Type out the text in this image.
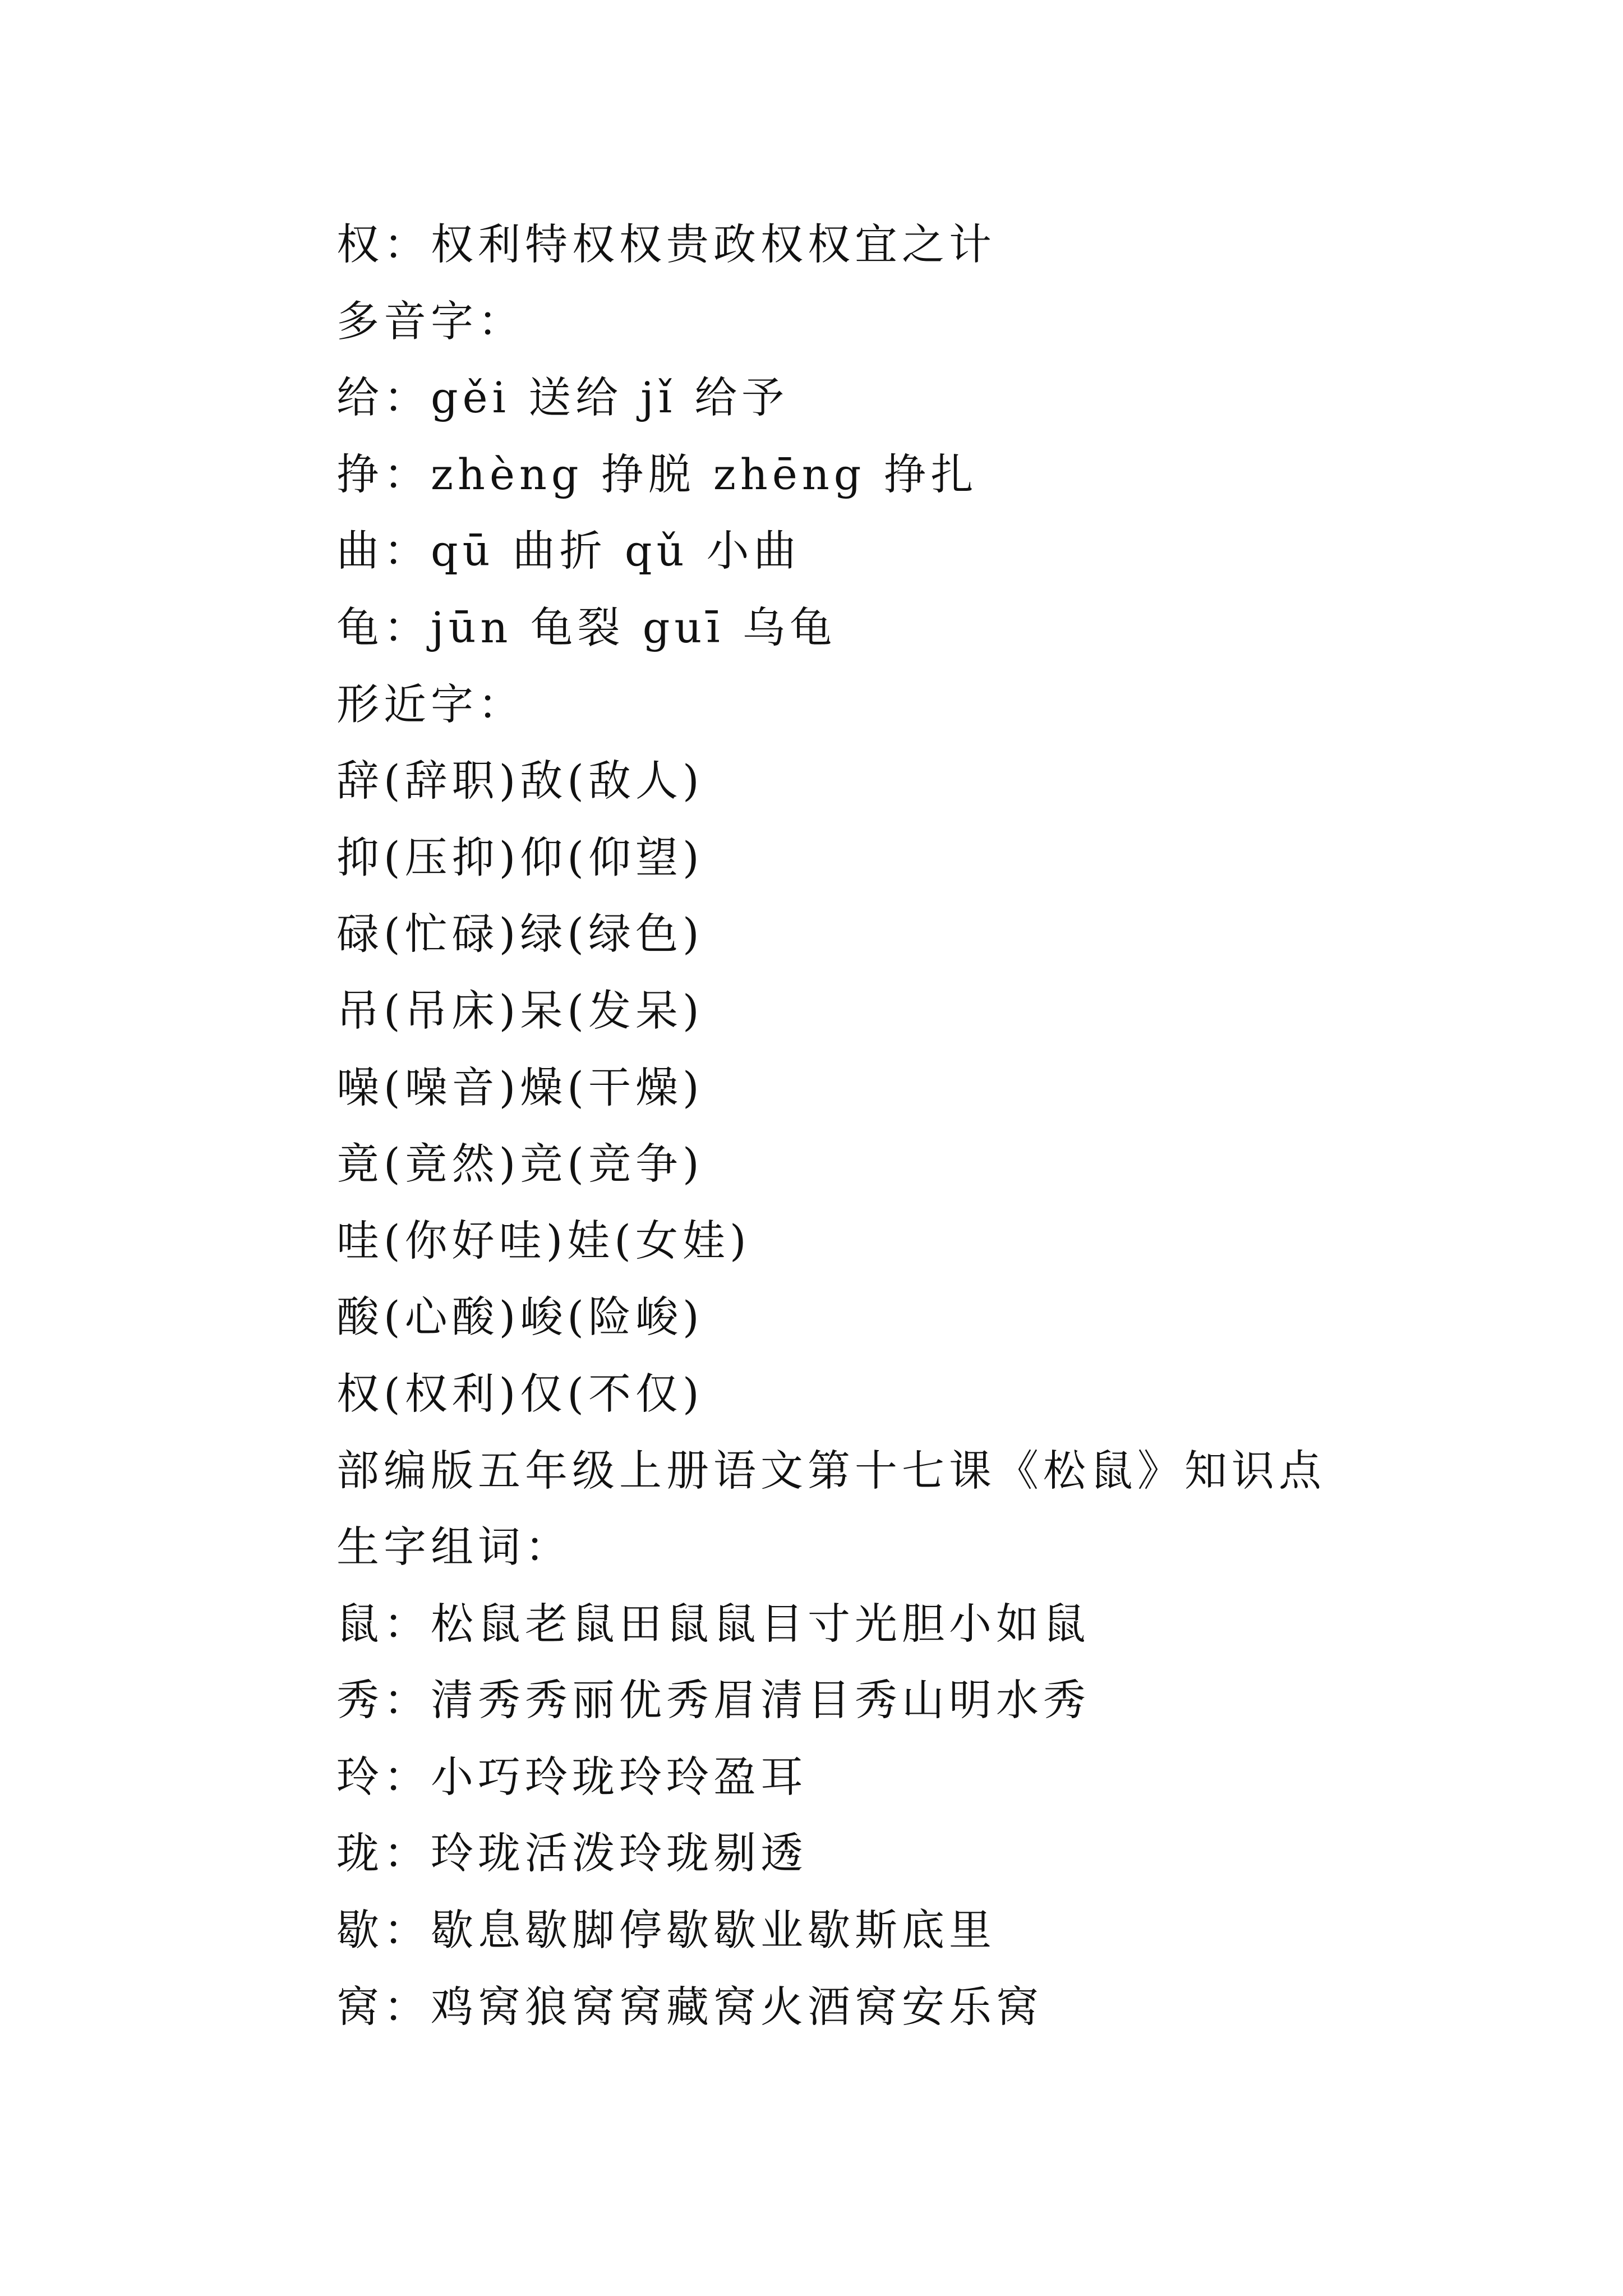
权：权利特权权贵政权权宜之计
多音字：
给：gěi 送给 jǐ 给予
挣：zhèng 挣脱 zhēng 挣扎
曲：qū 曲折 qǔ 小曲
龟：jūn 龟裂 guī 乌龟
形近字：
辞(辞职)敌(敌人)
抑(压抑)仰(仰望)
碌(忙碌)绿(绿色)
吊(吊床)呆(发呆)
噪(噪音)燥(干燥)
竟(竟然)竞(竞争)
哇(你好哇)娃(女娃)
酸(心酸)峻(险峻)
权(权利)仅(不仅)
部编版五年级上册语文第十七课《松鼠》知识点
生字组词：
鼠：松鼠老鼠田鼠鼠目寸光胆小如鼠
秀：清秀秀丽优秀眉清目秀山明水秀
玲：小巧玲珑玲玲盈耳
珑：玲珑活泼玲珑剔透
歇：歇息歇脚停歇歇业歇斯底里
窝：鸡窝狼窝窝藏窝火酒窝安乐窝
